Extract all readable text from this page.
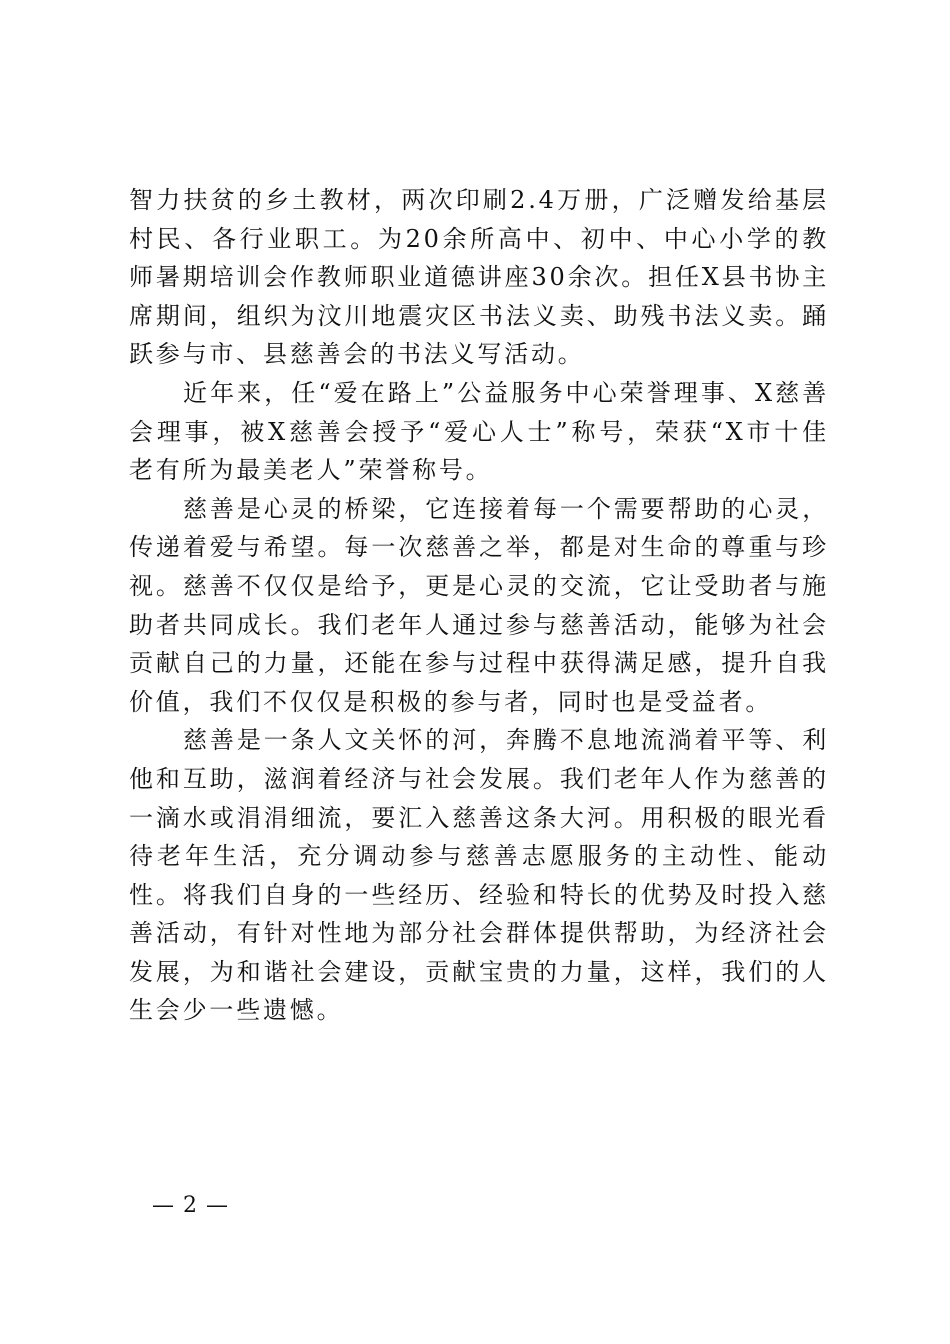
智力扶贫的乡土教材，两次印刷2.4万册，广泛赠发给基层村民、各行业职工。为20余所高中、初中、中心小学的教师暑期培训会作教师职业道德讲座30余次。担任X县书协主席期间，组织为汶川地震灾区书法义卖、助残书法义卖。踊跃参与市、县慈善会的书法义写活动。

近年来，任“爱在路上”公益服务中心荣誉理事、X慈善会理事，被X慈善会授予“爱心人士”称号，荣获“X市十佳老有所为最美老人”荣誉称号。

慈善是心灵的桥梁，它连接着每一个需要帮助的心灵，传递着爱与希望。每一次慈善之举，都是对生命的尊重与珍视。慈善不仅仅是给予，更是心灵的交流，它让受助者与施助者共同成长。我们老年人通过参与慈善活动，能够为社会贡献自己的力量，还能在参与过程中获得满足感，提升自我价值，我们不仅仅是积极的参与者，同时也是受益者。

慈善是一条人文关怀的河，奔腾不息地流淌着平等、利他和互助，滋润着经济与社会发展。我们老年人作为慈善的一滴水或涓涓细流，要汇入慈善这条大河。用积极的眼光看待老年生活，充分调动参与慈善志愿服务的主动性、能动性。将我们自身的一些经历、经验和特长的优势及时投入慈善活动，有针对性地为部分社会群体提供帮助，为经济社会发展，为和谐社会建设，贡献宝贵的力量，这样，我们的人生会少一些遗憾。

— 2 —
